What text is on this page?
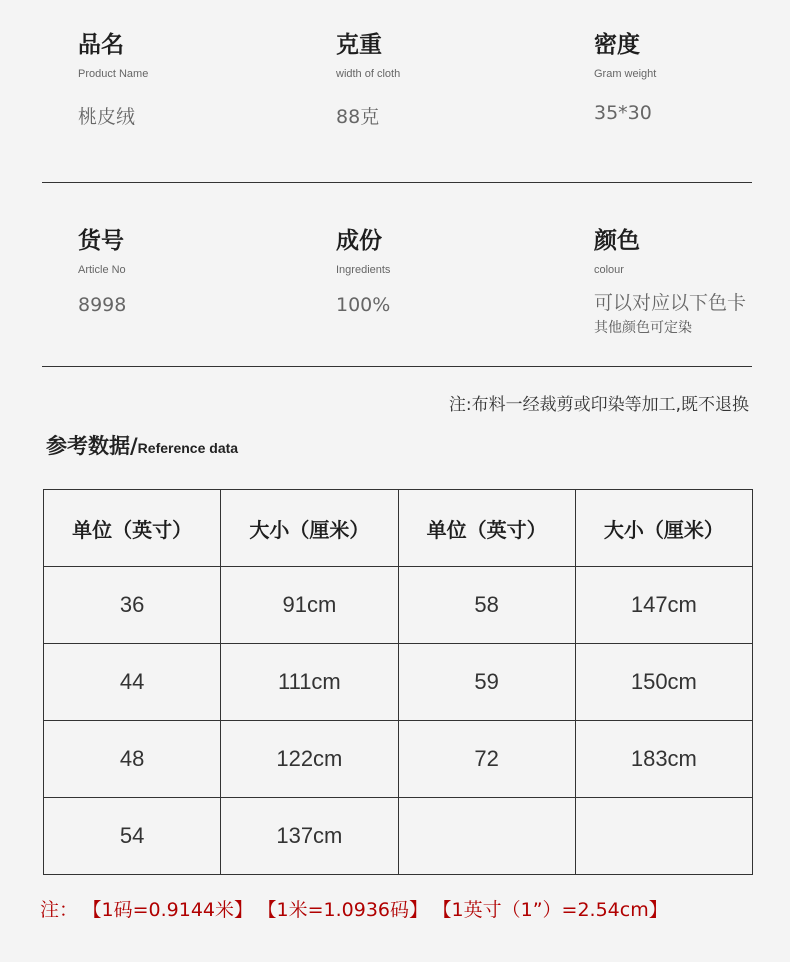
品名
Product Name
桃皮绒
克重
width of cloth
88克
密度
Gram weight
35*30
货号
Article No
8998
成份
Ingredients
100%
颜色
colour
可以对应以下色卡
其他颜色可定染
注:布料一经裁剪或印染等加工,既不退换
参考数据/Reference data
单位（英寸）	大小（厘米）	单位（英寸）	大小（厘米）
36	91cm	58	147cm
44	111cm	59	150cm
48	122cm	72	183cm
54	137cm		
注： 【1码=0.9144米】 【1米=1.0936码】 【1英寸（1”）=2.54cm】
